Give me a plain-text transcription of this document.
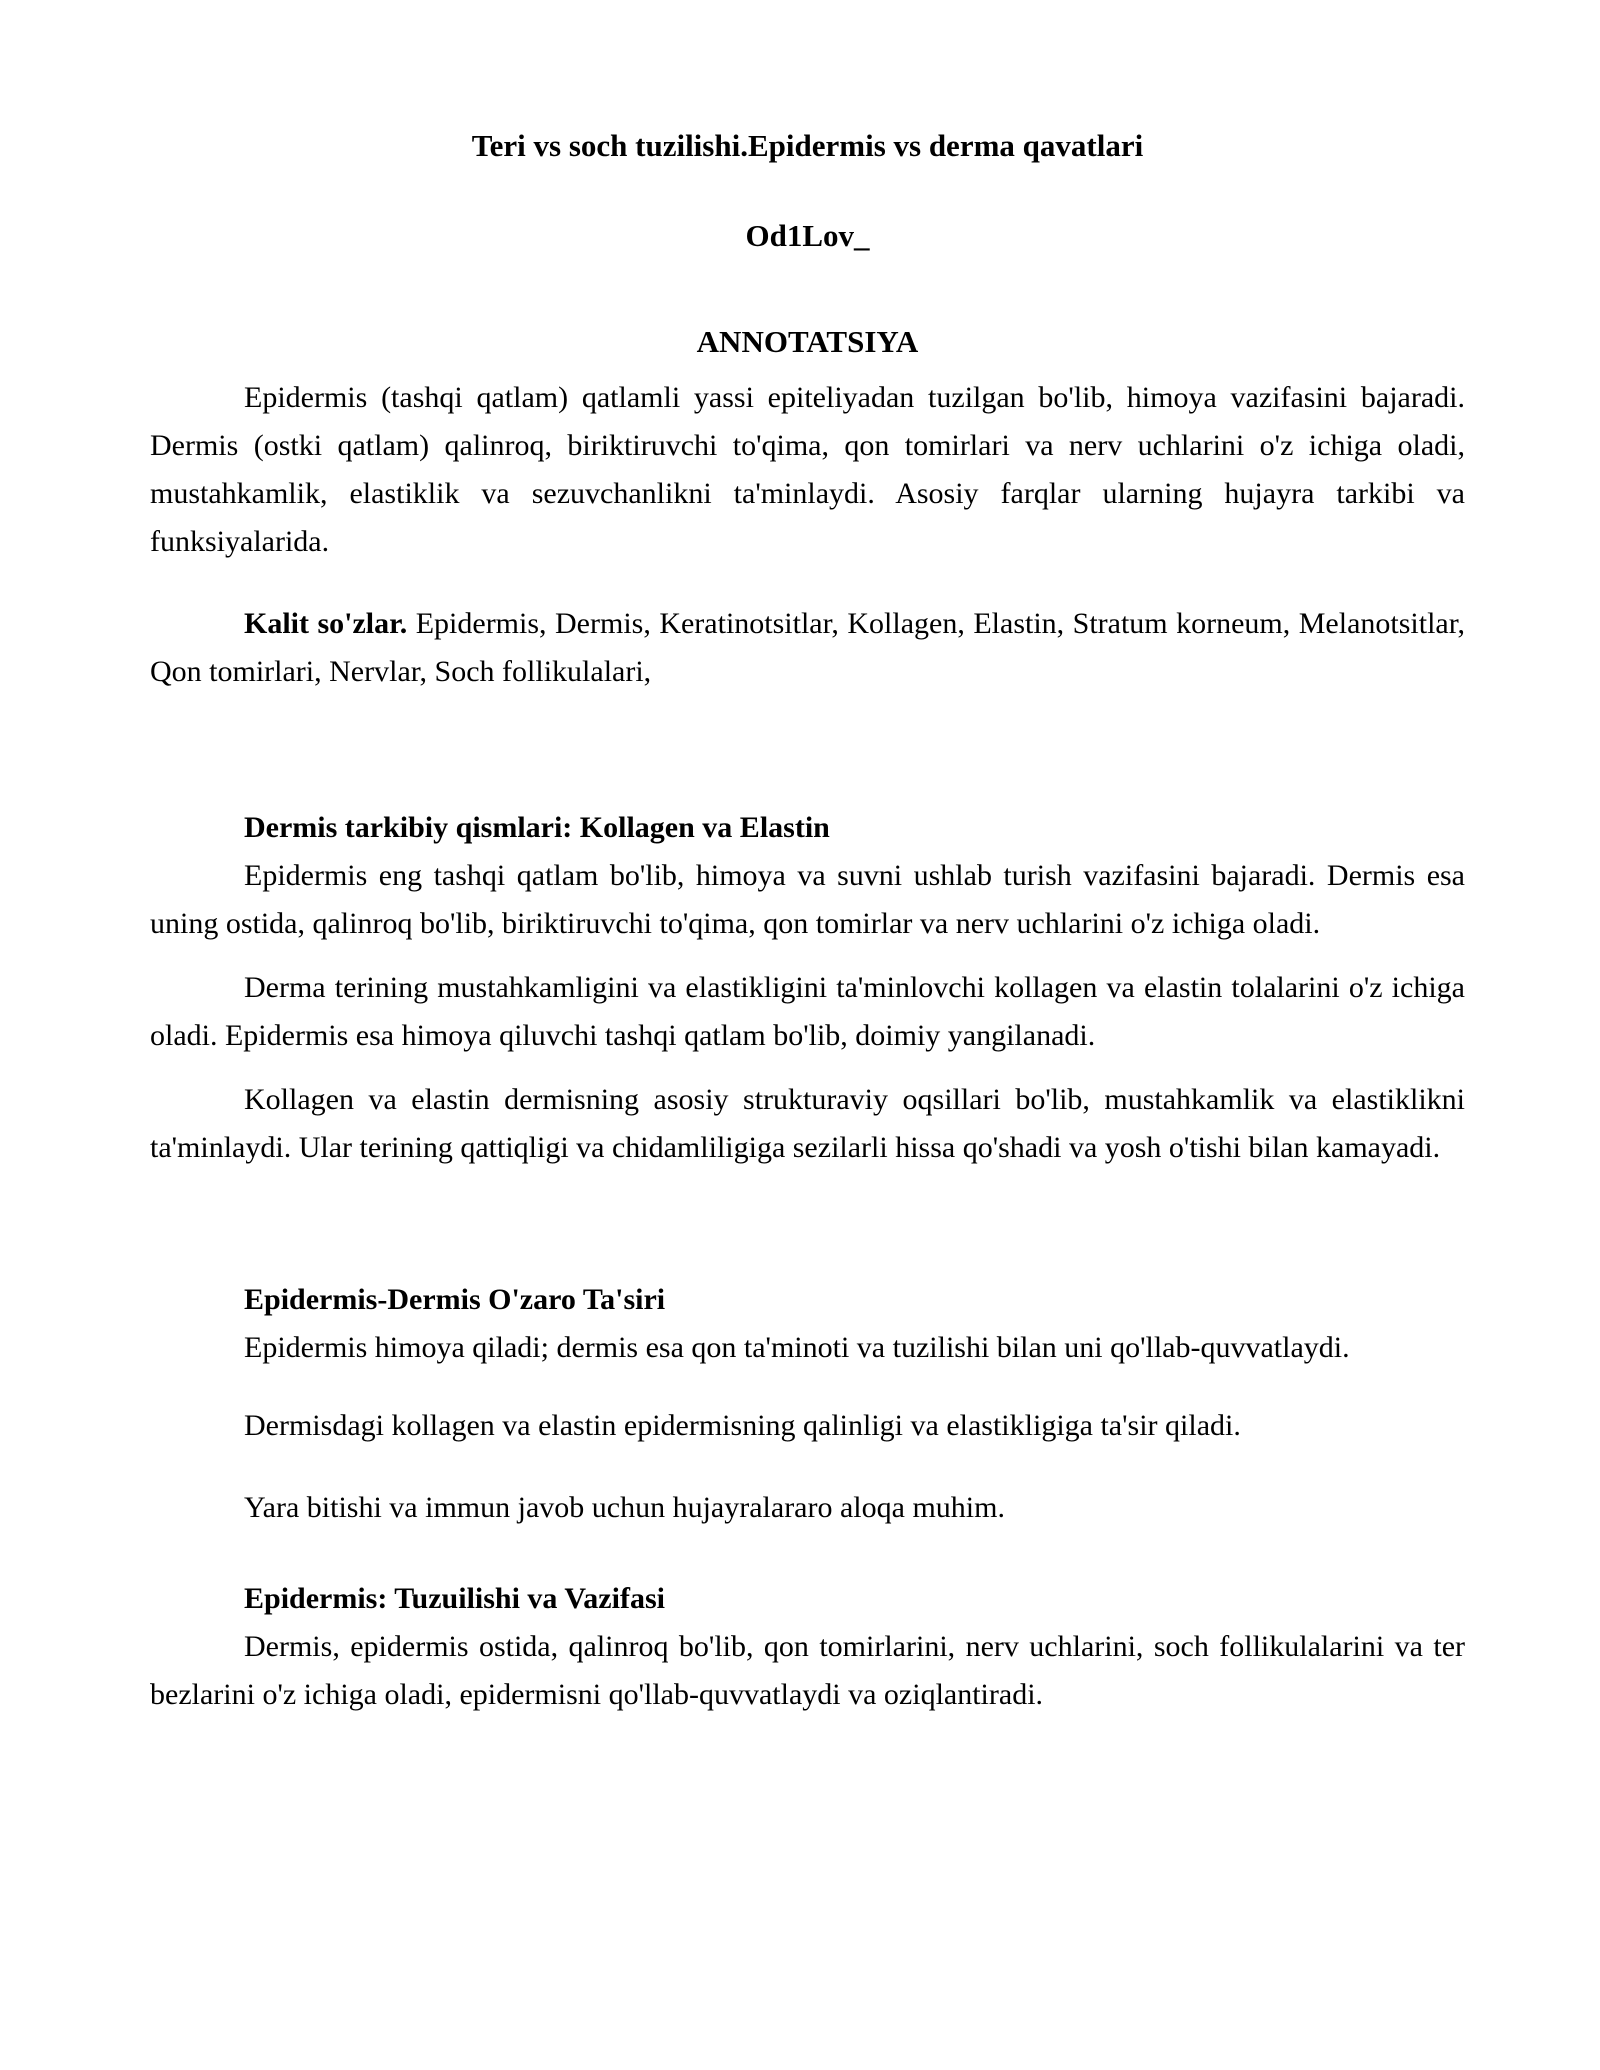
Teri vs soch tuzilishi.Epidermis vs derma qavatlari

Od1Lov_

ANNOTATSIYA

Epidermis (tashqi qatlam) qatlamli yassi epiteliyadan tuzilgan bo'lib, himoya vazifasini bajaradi. Dermis (ostki qatlam) qalinroq, biriktiruvchi to'qima, qon tomirlari va nerv uchlarini o'z ichiga oladi, mustahkamlik, elastiklik va sezuvchanlikni ta'minlaydi. Asosiy farqlar ularning hujayra tarkibi va funksiyalarida.

Kalit so'zlar. Epidermis, Dermis, Keratinotsitlar, Kollagen, Elastin, Stratum korneum, Melanotsitlar, Qon tomirlari, Nervlar, Soch follikulalari,

Dermis tarkibiy qismlari: Kollagen va Elastin

Epidermis eng tashqi qatlam bo'lib, himoya va suvni ushlab turish vazifasini bajaradi. Dermis esa uning ostida, qalinroq bo'lib, biriktiruvchi to'qima, qon tomirlar va nerv uchlarini o'z ichiga oladi.

Derma terining mustahkamligini va elastikligini ta'minlovchi kollagen va elastin tolalarini o'z ichiga oladi. Epidermis esa himoya qiluvchi tashqi qatlam bo'lib, doimiy yangilanadi.

Kollagen va elastin dermisning asosiy strukturaviy oqsillari bo'lib, mustahkamlik va elastiklikni ta'minlaydi. Ular terining qattiqligi va chidamliligiga sezilarli hissa qo'shadi va yosh o'tishi bilan kamayadi.

Epidermis-Dermis O'zaro Ta'siri

Epidermis himoya qiladi; dermis esa qon ta'minoti va tuzilishi bilan uni qo'llab-quvvatlaydi.

Dermisdagi kollagen va elastin epidermisning qalinligi va elastikligiga ta'sir qiladi.

Yara bitishi va immun javob uchun hujayralararo aloqa muhim.

Epidermis: Tuzuilishi va Vazifasi

Dermis, epidermis ostida, qalinroq bo'lib, qon tomirlarini, nerv uchlarini, soch follikulalarini va ter bezlarini o'z ichiga oladi, epidermisni qo'llab-quvvatlaydi va oziqlantiradi.
